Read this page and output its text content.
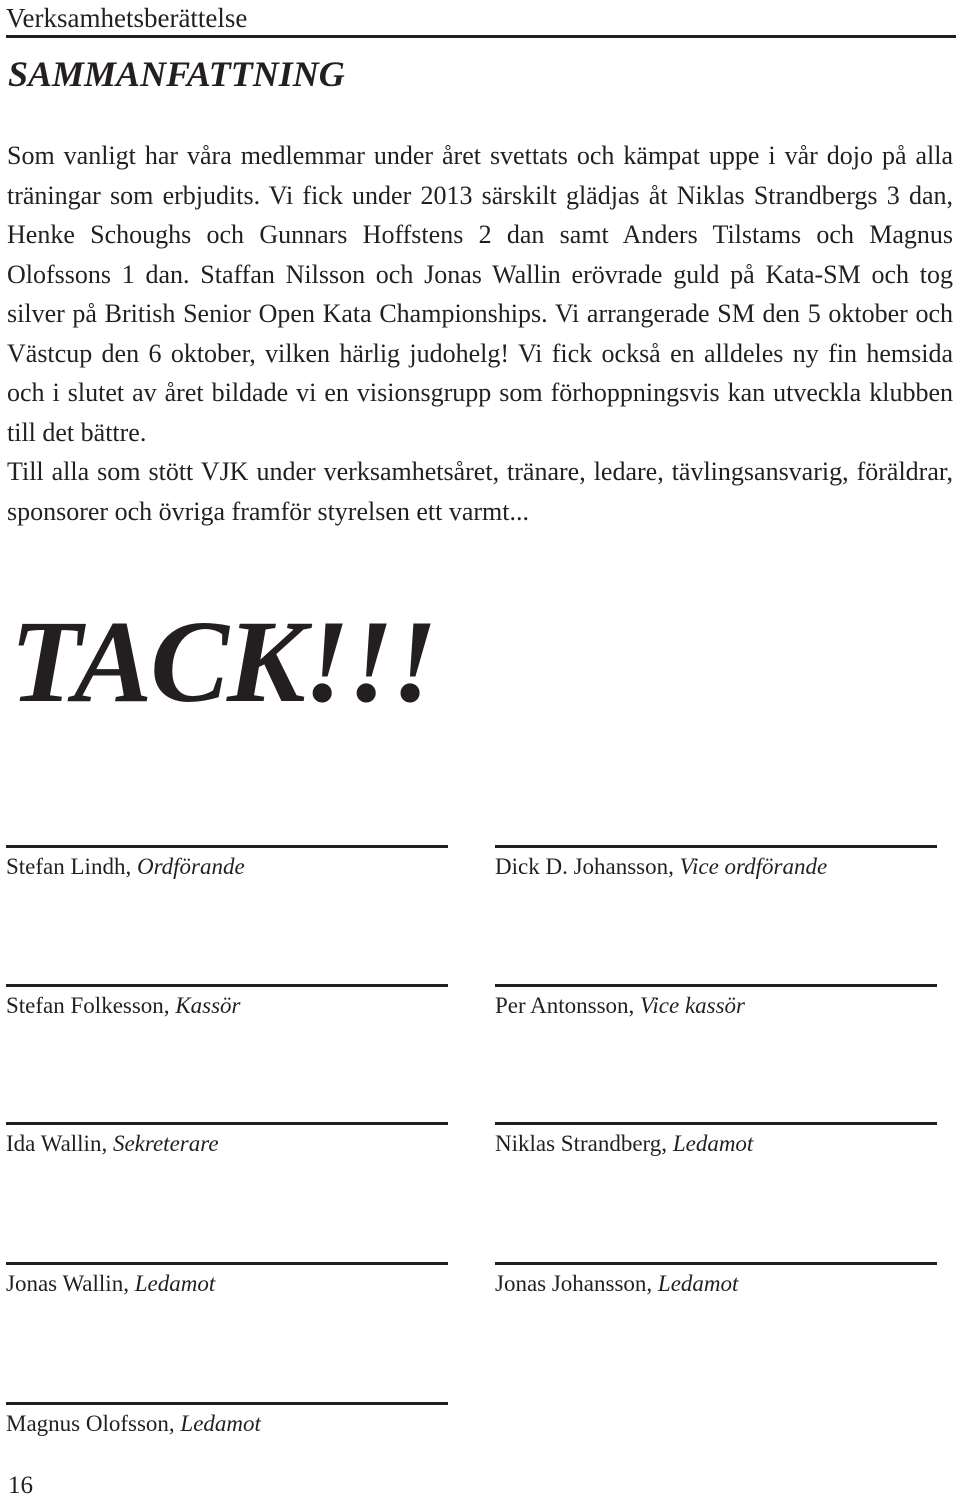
Verksamhetsberättelse
SAMMANFATTNING

Som vanligt har våra medlemmar under året svettats och kämpat uppe i vår dojo på alla träningar som erbjudits. Vi fick under 2013 särskilt glädjas åt Niklas Strandbergs 3 dan, Henke Schoughs och Gunnars Hoffstens 2 dan samt Anders Tilstams och Magnus Olofssons 1 dan. Staffan Nilsson och Jonas Wallin erövrade guld på Kata-SM och tog silver på British Senior Open Kata Championships. Vi arrangerade SM den 5 oktober och Västcup den 6 oktober, vilken härlig judohelg! Vi fick också en alldeles ny fin hemsida och i slutet av året bildade vi en visionsgrupp som förhoppningsvis kan utveckla klubben till det bättre.

Till alla som stött VJK under verksamhetsåret, tränare, ledare, tävlingsansvarig, föräldrar, sponsorer och övriga framför styrelsen ett varmt...

TACK!!!
Stefan Lindh, Ordförande	Dick D. Johansson, Vice ordförande
Stefan Folkesson, Kassör	Per Antonsson, Vice kassör
Ida Wallin, Sekreterare	Niklas Strandberg, Ledamot
Jonas Wallin, Ledamot	Jonas Johansson, Ledamot
Magnus Olofsson, Ledamot
16
